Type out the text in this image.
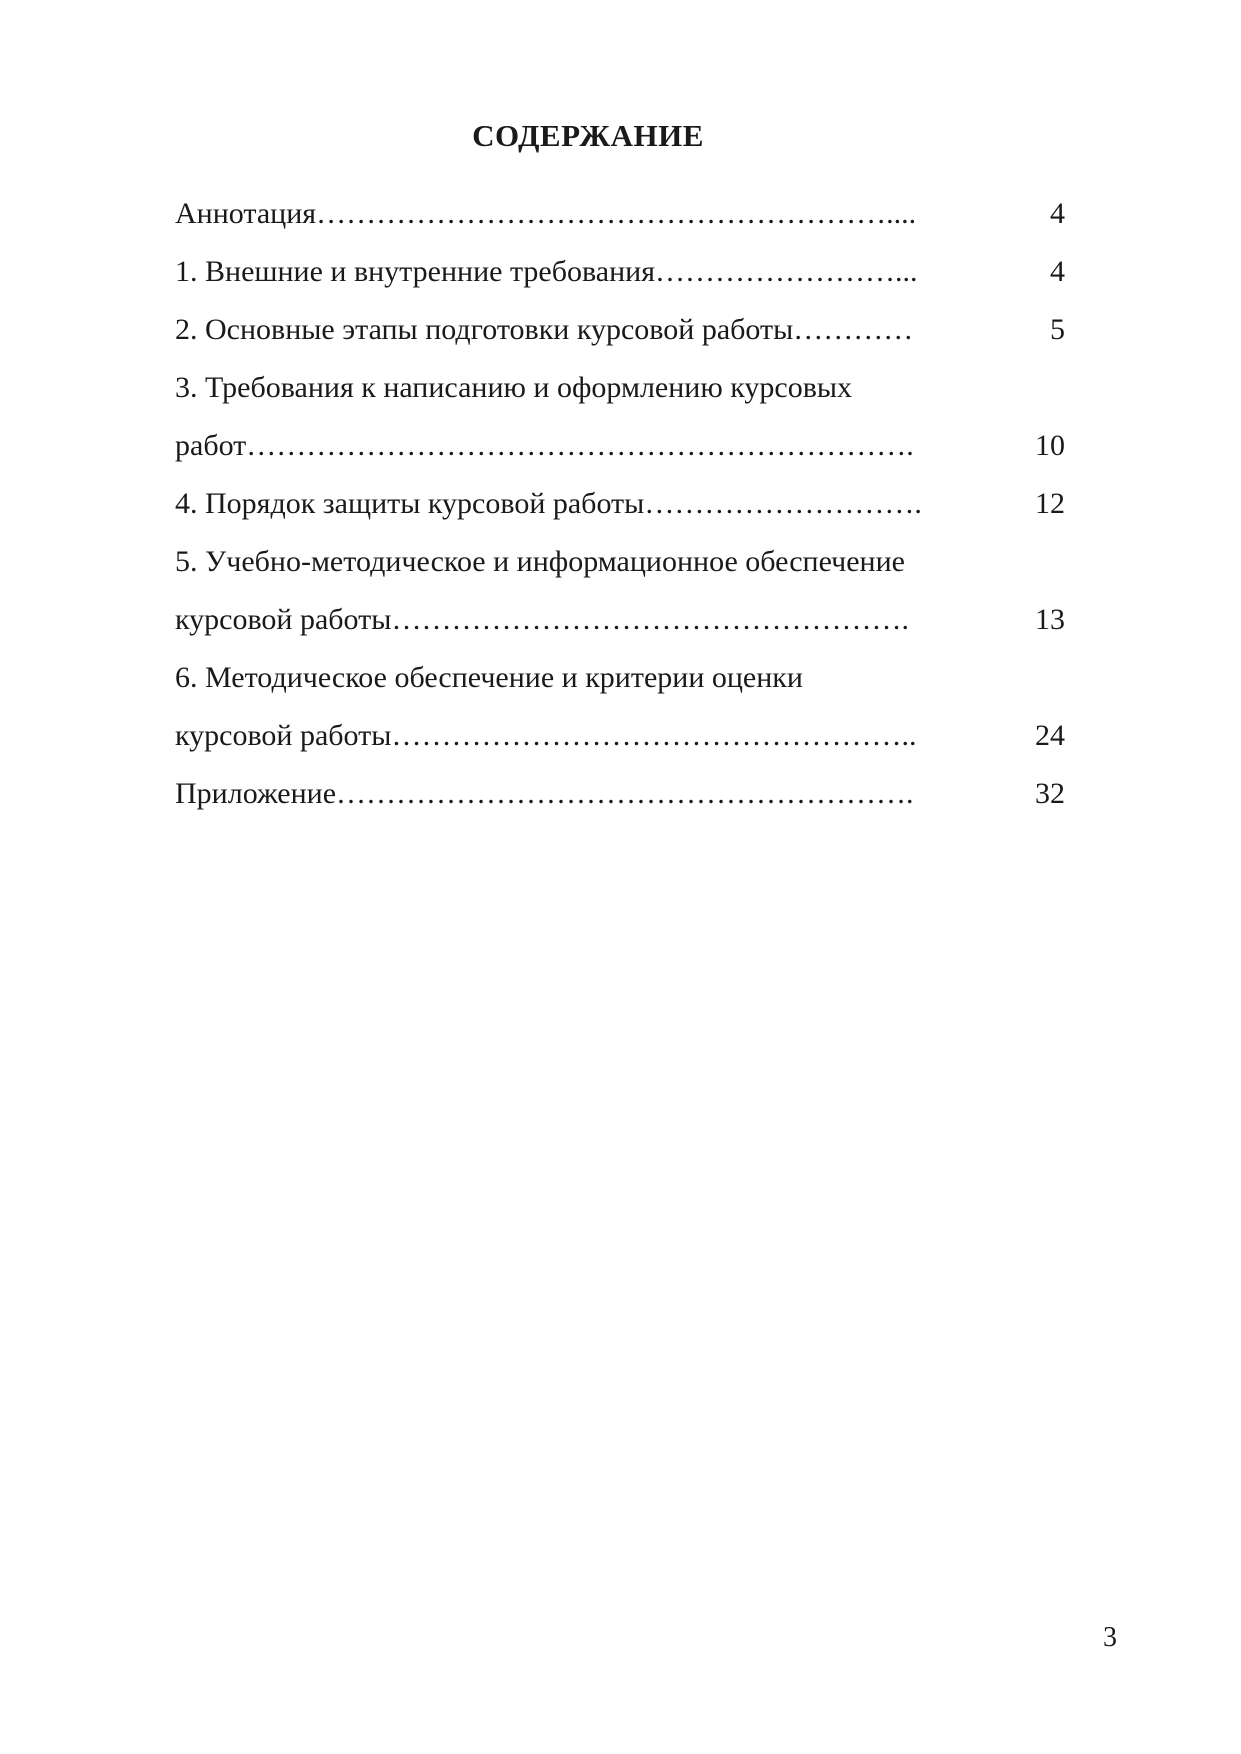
СОДЕРЖАНИЕ
Аннотация …………………………………………………....	4
1. Внешние и внутренние требования ……………………...	4
2. Основные этапы подготовки курсовой работы …………	5
3. Требования к написанию и оформлению курсовых
работ ………………………………………………………….	10
4. Порядок защиты курсовой работы ……………………….	12
5. Учебно-методическое и информационное обеспечение
курсовой работы …………………………………………….	13
6. Методическое обеспечение и критерии оценки
курсовой работы ……………………………………………..	24
Приложение ………………………………………………….	32
3
